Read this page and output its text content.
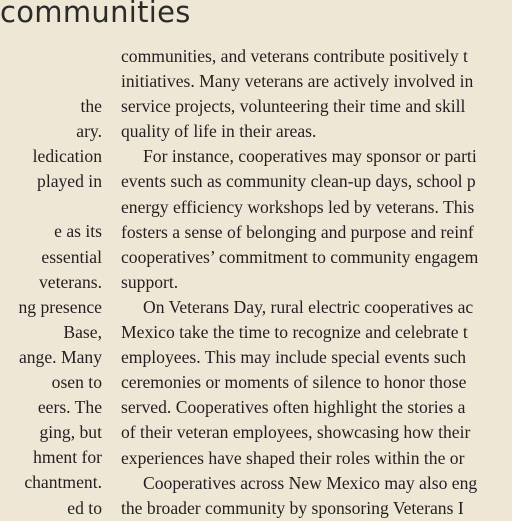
communities
the
ary.
ledication
played in
e as its
essential
veterans.
ng presence
Base,
ange. Many
osen to
eers. The
ging, but
hment for
chantment.
ed to
communities, and veterans contribute positively t
initiatives. Many veterans are actively involved in
service projects, volunteering their time and skill
quality of life in their areas.
For instance, cooperatives may sponsor or parti
events such as community clean-up days, school p
energy efficiency workshops led by veterans. This
fosters a sense of belonging and purpose and reinf
cooperatives’ commitment to community engagem
support.
On Veterans Day, rural electric cooperatives ac
Mexico take the time to recognize and celebrate t
employees. This may include special events such
ceremonies or moments of silence to honor those
served. Cooperatives often highlight the stories a
of their veteran employees, showcasing how their
experiences have shaped their roles within the or
Cooperatives across New Mexico may also eng
the broader community by sponsoring Veterans I
